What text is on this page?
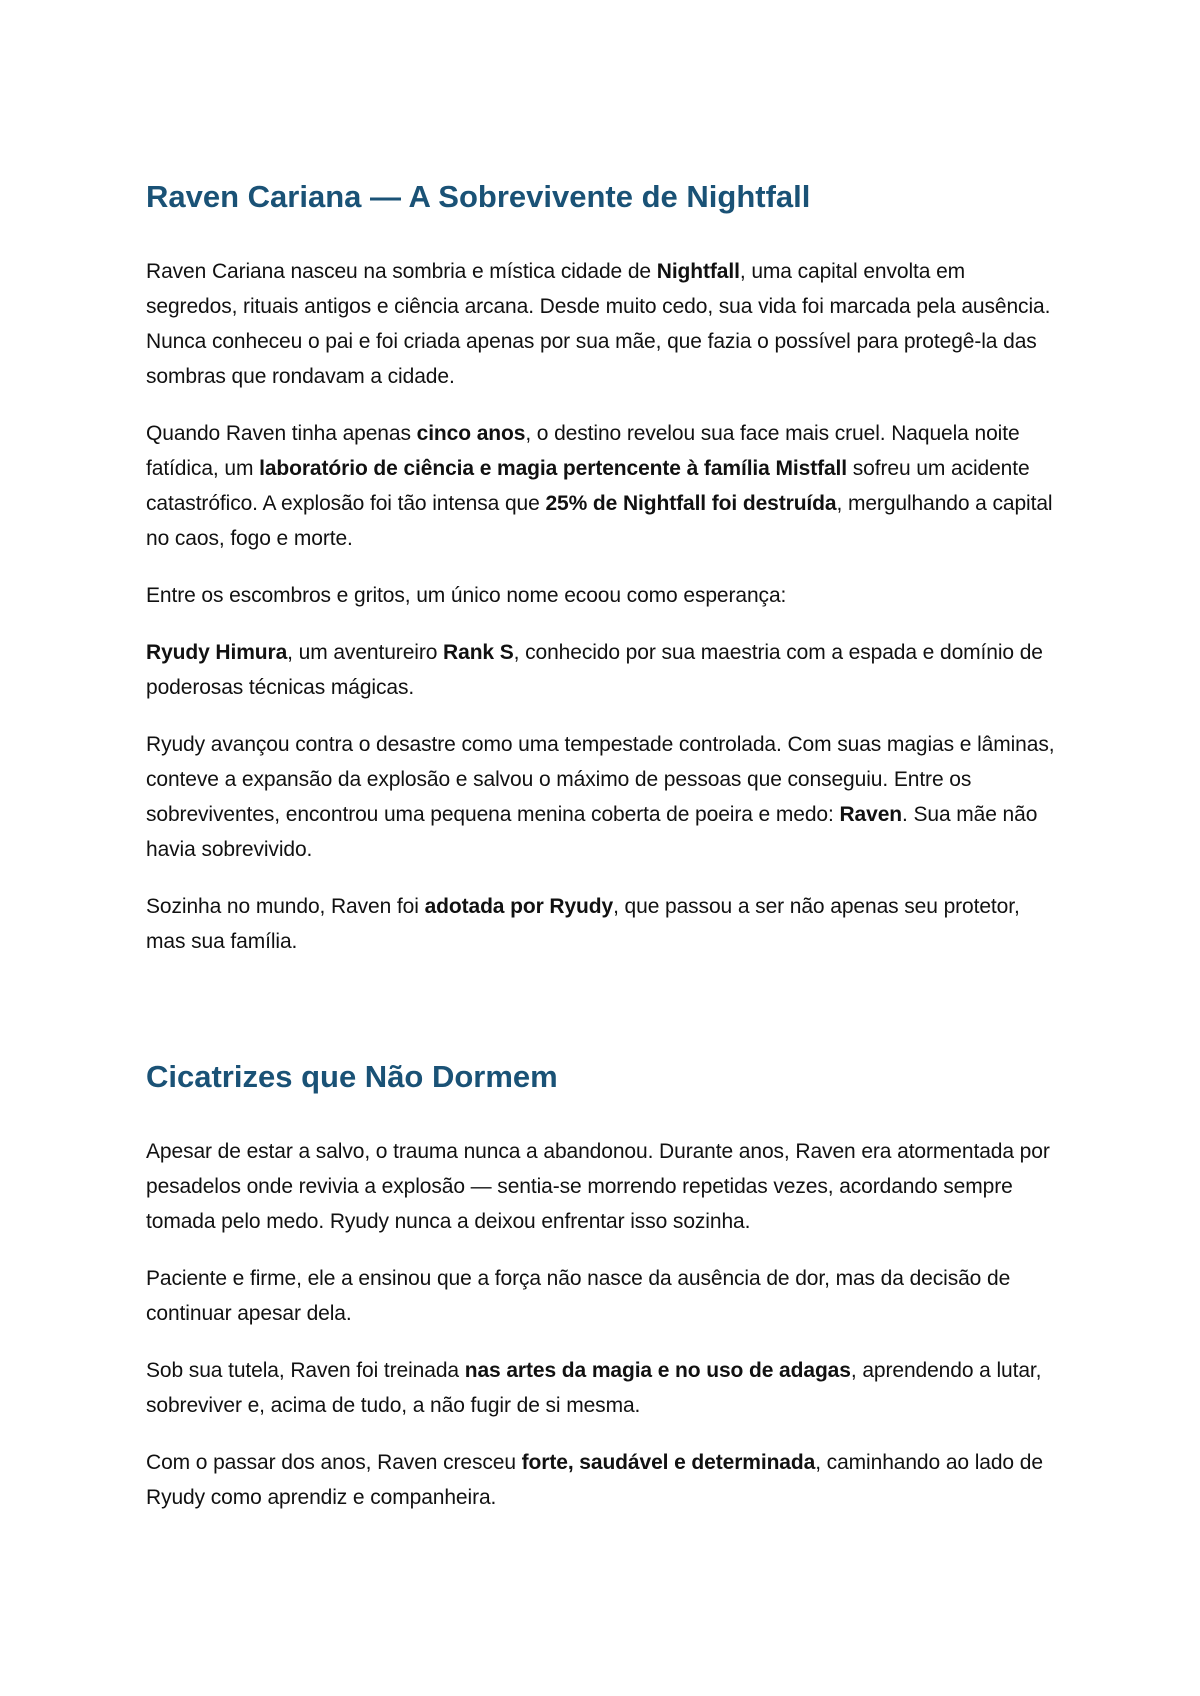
Raven Cariana — A Sobrevivente de Nightfall

Raven Cariana nasceu na sombria e mística cidade de Nightfall, uma capital envolta em segredos, rituais antigos e ciência arcana. Desde muito cedo, sua vida foi marcada pela ausência. Nunca conheceu o pai e foi criada apenas por sua mãe, que fazia o possível para protegê-la das sombras que rondavam a cidade.

Quando Raven tinha apenas cinco anos, o destino revelou sua face mais cruel. Naquela noite fatídica, um laboratório de ciência e magia pertencente à família Mistfall sofreu um acidente catastrófico. A explosão foi tão intensa que 25% de Nightfall foi destruída, mergulhando a capital no caos, fogo e morte.

Entre os escombros e gritos, um único nome ecoou como esperança:

Ryudy Himura, um aventureiro Rank S, conhecido por sua maestria com a espada e domínio de poderosas técnicas mágicas.

Ryudy avançou contra o desastre como uma tempestade controlada. Com suas magias e lâminas, conteve a expansão da explosão e salvou o máximo de pessoas que conseguiu. Entre os sobreviventes, encontrou uma pequena menina coberta de poeira e medo: Raven. Sua mãe não havia sobrevivido.

Sozinha no mundo, Raven foi adotada por Ryudy, que passou a ser não apenas seu protetor, mas sua família.

Cicatrizes que Não Dormem

Apesar de estar a salvo, o trauma nunca a abandonou. Durante anos, Raven era atormentada por pesadelos onde revivia a explosão — sentia-se morrendo repetidas vezes, acordando sempre tomada pelo medo. Ryudy nunca a deixou enfrentar isso sozinha.

Paciente e firme, ele a ensinou que a força não nasce da ausência de dor, mas da decisão de continuar apesar dela.

Sob sua tutela, Raven foi treinada nas artes da magia e no uso de adagas, aprendendo a lutar, sobreviver e, acima de tudo, a não fugir de si mesma.

Com o passar dos anos, Raven cresceu forte, saudável e determinada, caminhando ao lado de Ryudy como aprendiz e companheira.
